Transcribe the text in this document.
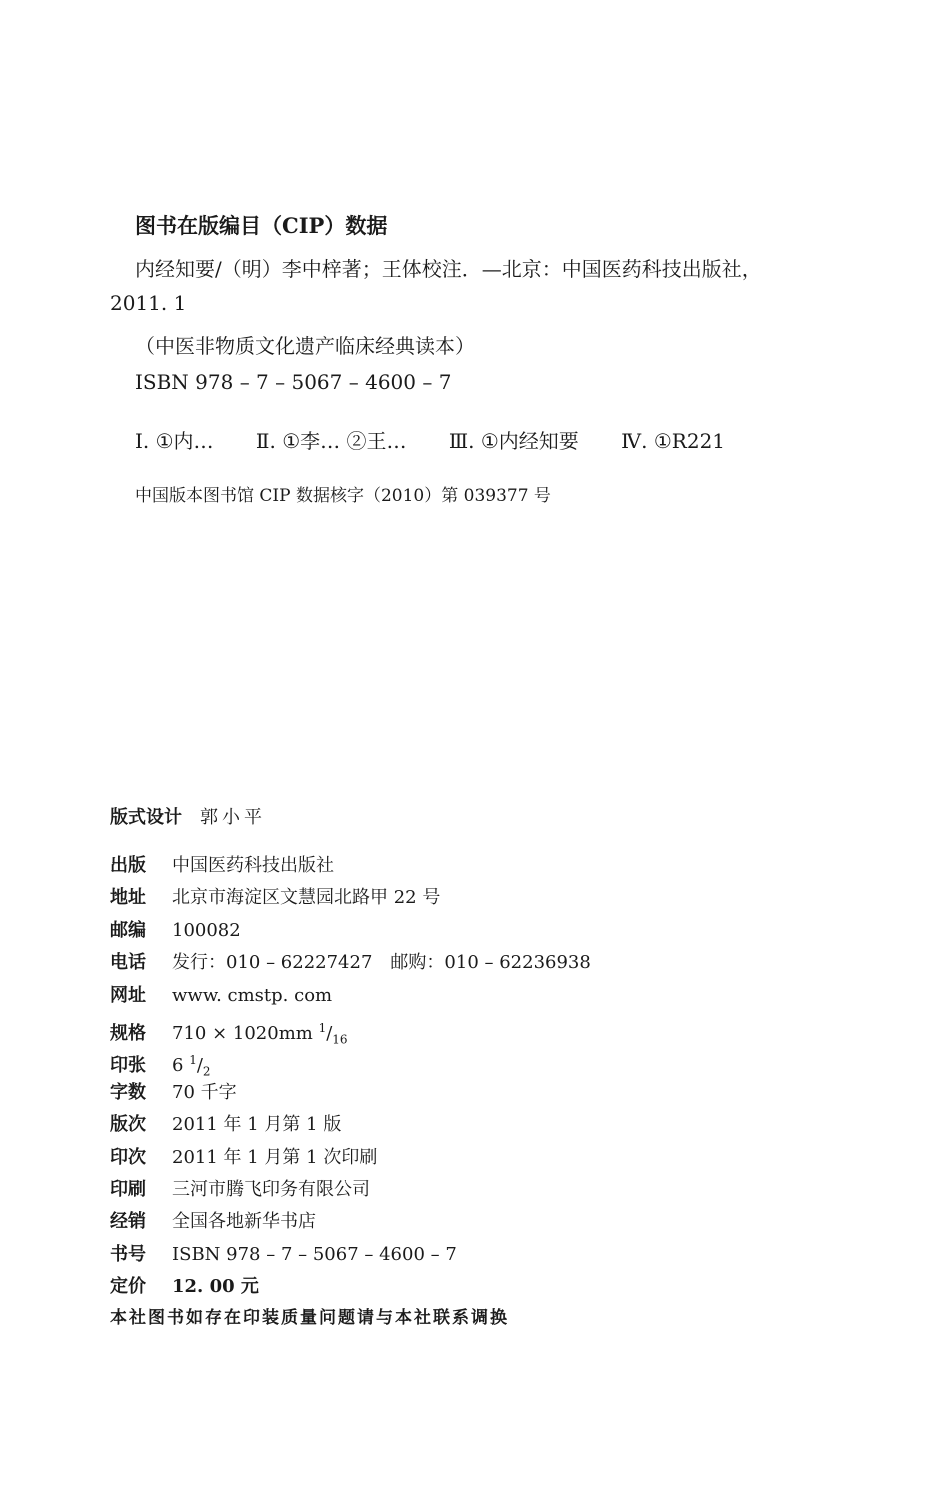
图书在版编目（CIP）数据
内经知要/（明）李中梓著；王体校注．—北京：中国医药科技出版社，
2011. 1
（中医非物质文化遗产临床经典读本）
ISBN 978 – 7 – 5067 – 4600 – 7
Ⅰ. ①内… Ⅱ. ①李… ②王… Ⅲ. ①内经知要 Ⅳ. ①R221
中国版本图书馆 CIP 数据核字（2010）第 039377 号
版式设计 郭小平
出版 中国医药科技出版社
地址 北京市海淀区文慧园北路甲 22 号
邮编 100082
电话 发行：010 – 62227427　邮购：010 – 62236938
网址 www. cmstp. com
规格 710 × 1020mm $^1/_{16}$
印张 6 $^1/_2$
字数 70 千字
版次 2011 年 1 月第 1 版
印次 2011 年 1 月第 1 次印刷
印刷 三河市腾飞印务有限公司
经销 全国各地新华书店
书号 ISBN 978 – 7 – 5067 – 4600 – 7
定价 12. 00 元
本社图书如存在印装质量问题请与本社联系调换
